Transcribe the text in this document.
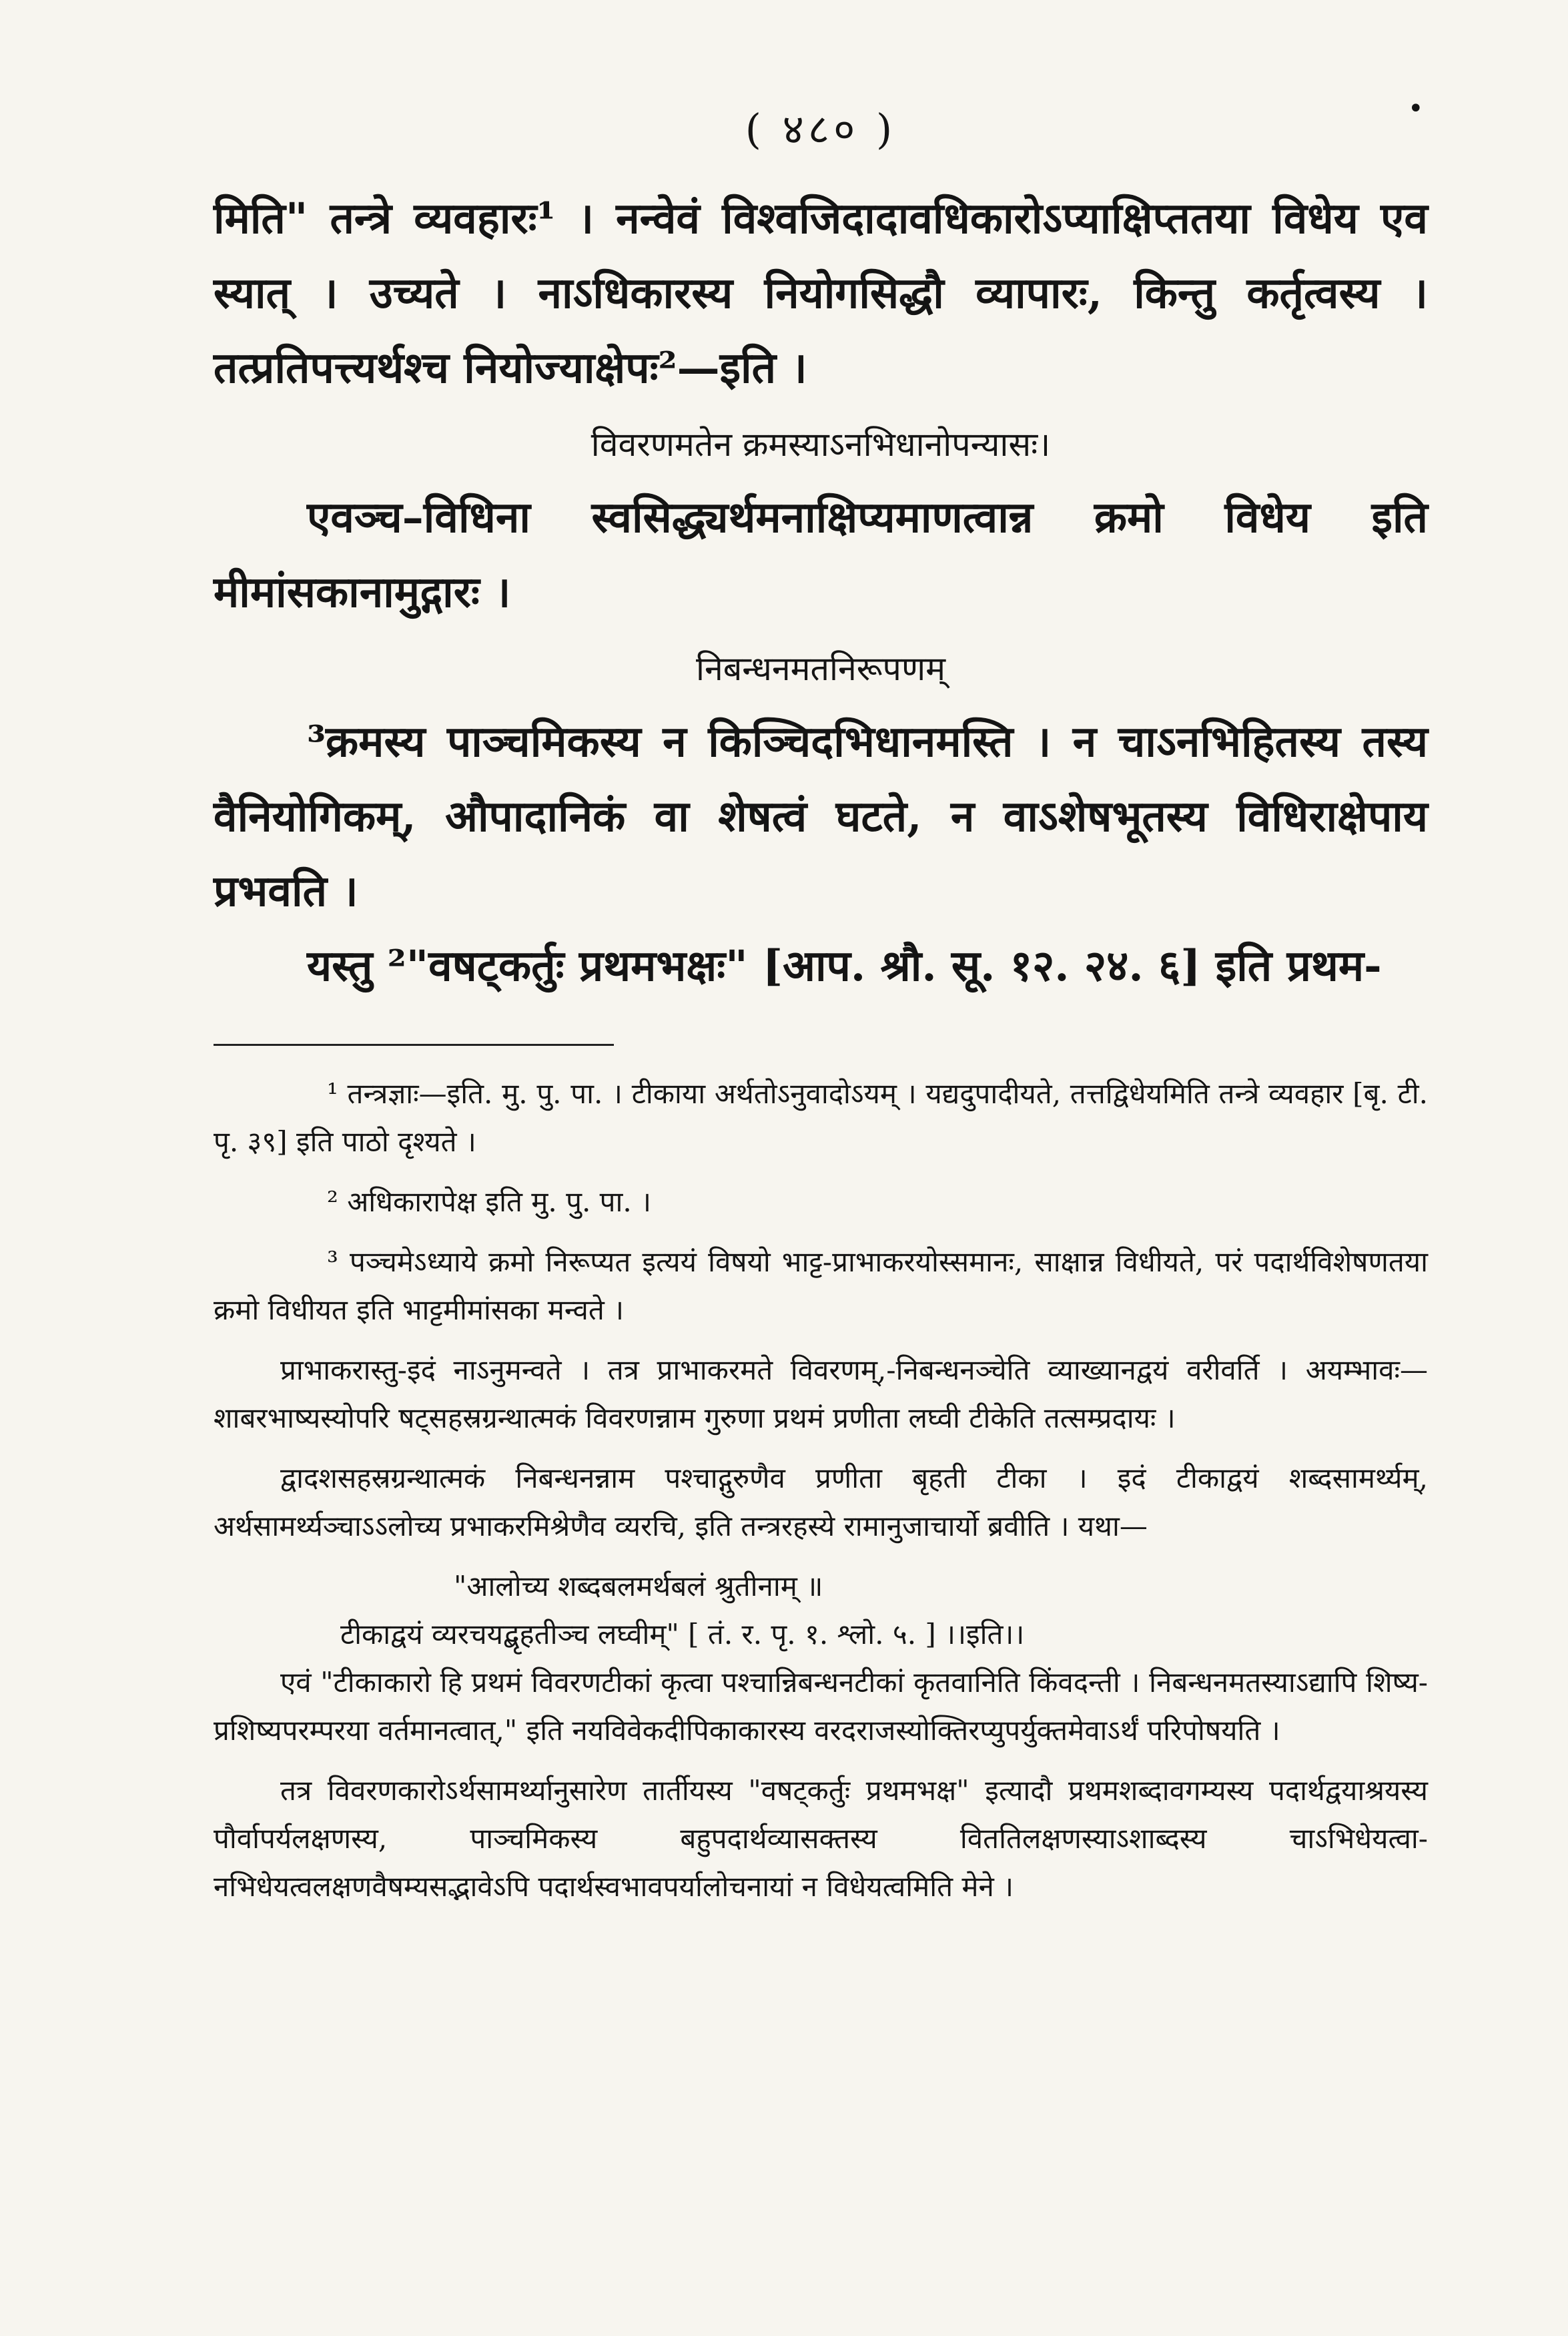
•
( ४८० )

मिति" तन्त्रे व्यवहारः¹ । नन्वेवं विश्वजिदादावधिकारोऽप्याक्षिप्ततया विधेय एव स्यात् । उच्यते । नाऽधिकारस्य नियोगसिद्धौ व्यापारः, किन्तु कर्तृत्वस्य । तत्प्रतिपत्त्यर्थश्च नियोज्याक्षेपः²—इति ।

विवरणमतेन क्रमस्याऽनभिधानोपन्यासः।

एवञ्च–विधिना स्वसिद्ध्यर्थमनाक्षिप्यमाणत्वान्न क्रमो विधेय इति मीमांसकानामुद्गारः ।

निबन्धनमतनिरूपणम्

³क्रमस्य पाञ्चमिकस्य न किञ्चिदभिधानमस्ति । न चाऽनभिहितस्य तस्य वैनियोगिकम्, औपादानिकं वा शेषत्वं घटते, न वाऽशेषभूतस्य विधिराक्षेपाय प्रभवति ।

यस्तु ²"वषट्कर्तुः प्रथमभक्षः" [आप. श्रौ. सू. १२. २४. ६] इति प्रथम-

¹ तन्त्रज्ञाः—इति. मु. पु. पा. । टीकाया अर्थतोऽनुवादोऽयम् । यद्यदुपादीयते, तत्तद्विधेयमिति तन्त्रे व्यवहार [बृ. टी. पृ. ३९] इति पाठो दृश्यते ।

² अधिकारापेक्ष इति मु. पु. पा. ।

³ पञ्चमेऽध्याये क्रमो निरूप्यत इत्ययं विषयो भाट्ट-प्राभाकरयोस्समानः, साक्षान्न विधीयते, परं पदार्थविशेषणतया क्रमो विधीयत इति भाट्टमीमांसका मन्वते ।

प्राभाकरास्तु-इदं नाऽनुमन्वते । तत्र प्राभाकरमते विवरणम्,-निबन्धनञ्चेति व्याख्यानद्वयं वरीवर्ति । अयम्भावः—शाबरभाष्यस्योपरि षट्सहस्रग्रन्थात्मकं विवरणन्नाम गुरुणा प्रथमं प्रणीता लघ्वी टीकेति तत्सम्प्रदायः ।

द्वादशसहस्रग्रन्थात्मकं निबन्धनन्नाम पश्चाद्गुरुणैव प्रणीता बृहती टीका । इदं टीकाद्वयं शब्दसामर्थ्यम्, अर्थसामर्थ्यञ्चाऽऽलोच्य प्रभाकरमिश्रेणैव व्यरचि, इति तन्त्ररहस्ये रामानुजाचार्यो ब्रवीति । यथा—

"आलोच्य शब्दबलमर्थबलं श्रुतीनाम् ॥

टीकाद्वयं व्यरचयद्बृहतीञ्च लघ्वीम्" [ तं. र. पृ. १. श्लो. ५. ] ।।इति।।

एवं "टीकाकारो हि प्रथमं विवरणटीकां कृत्वा पश्चान्निबन्धनटीकां कृतवानिति किंवदन्ती । निबन्धनमतस्याऽद्यापि शिष्य-प्रशिष्यपरम्परया वर्तमानत्वात्," इति नयविवेकदीपिकाकारस्य वरदराजस्योक्तिरप्युपर्युक्तमेवाऽर्थं परिपोषयति ।

तत्र विवरणकारोऽर्थसामर्थ्यानुसारेण तार्तीयस्य "वषट्कर्तुः प्रथमभक्ष" इत्यादौ प्रथमशब्दावगम्यस्य पदार्थद्वयाश्रयस्य पौर्वापर्यलक्षणस्य, पाञ्चमिकस्य बहुपदार्थव्यासक्तस्य विततिलक्षणस्याऽशाब्दस्य चाऽभिधेयत्वा-नभिधेयत्वलक्षणवैषम्यसद्भावेऽपि पदार्थस्वभावपर्यालोचनायां न विधेयत्वमिति मेने ।
